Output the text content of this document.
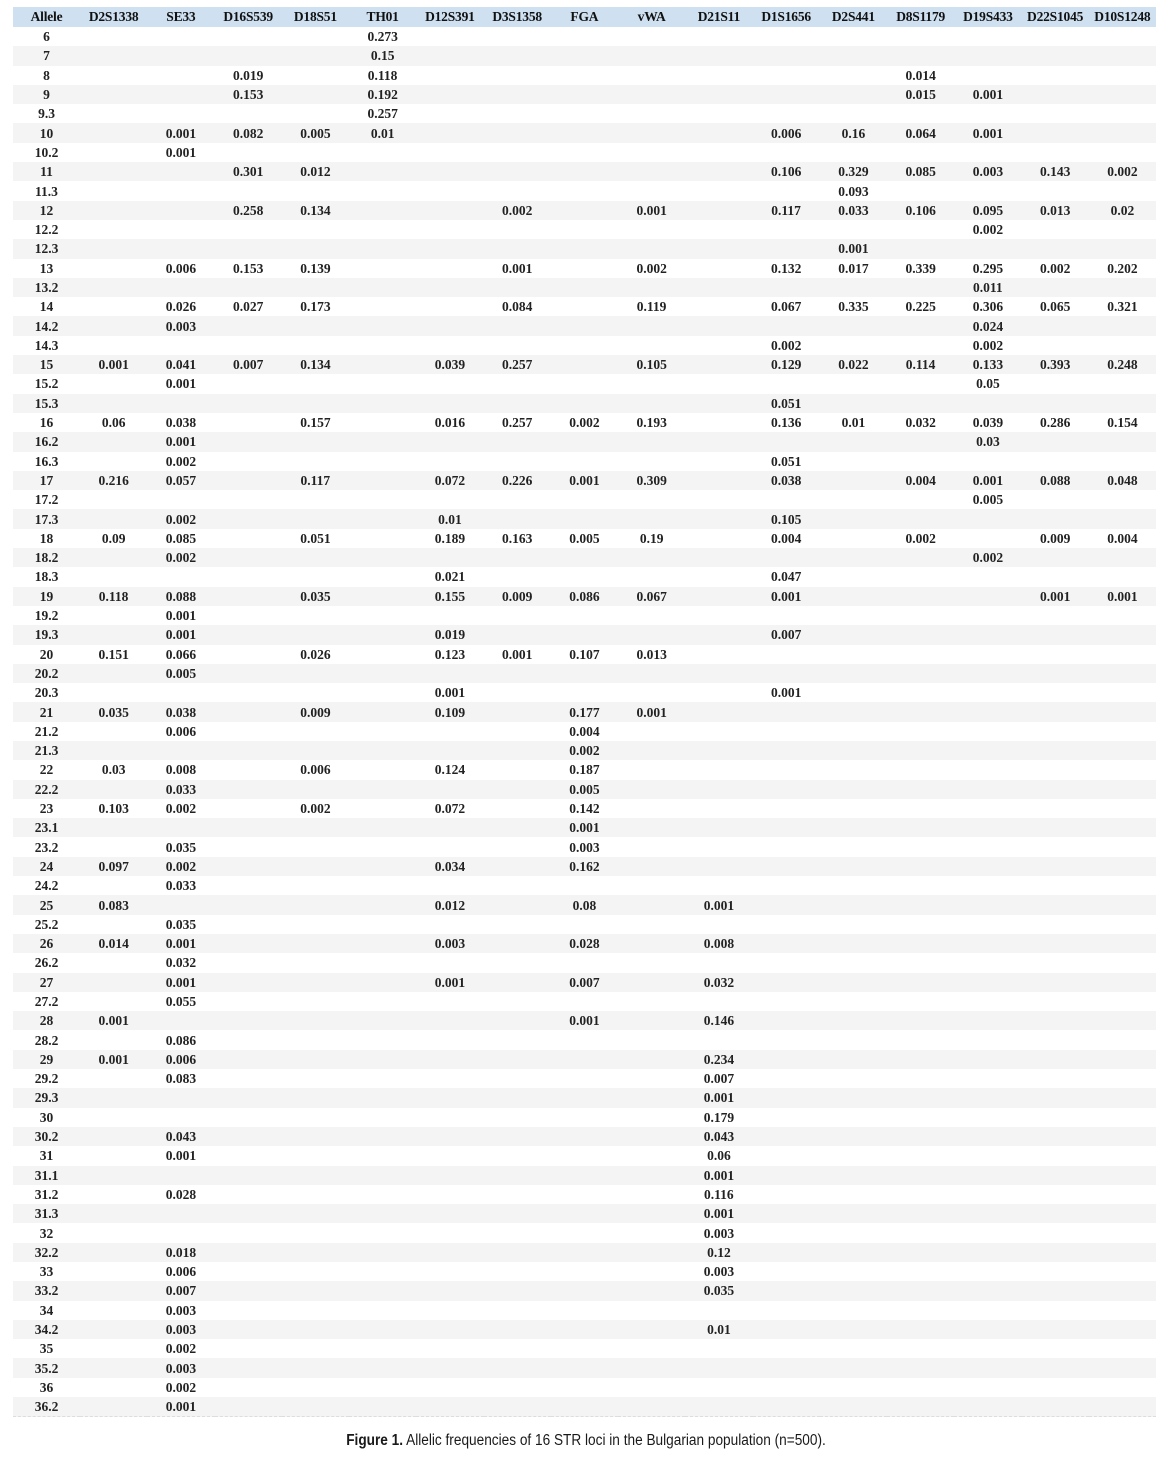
Allele	D2S1338	SE33	D16S539	D18S51	TH01	D12S391	D3S1358	FGA	vWA	D21S11	D1S1656	D2S441	D8S1179	D19S433	D22S1045	D10S1248
6					0.273											
7					0.15											
8			0.019		0.118								0.014			
9			0.153		0.192								0.015	0.001		
9.3					0.257											
10		0.001	0.082	0.005	0.01						0.006	0.16	0.064	0.001		
10.2		0.001														
11			0.301	0.012							0.106	0.329	0.085	0.003	0.143	0.002
11.3												0.093				
12			0.258	0.134			0.002		0.001		0.117	0.033	0.106	0.095	0.013	0.02
12.2														0.002		
12.3												0.001				
13		0.006	0.153	0.139			0.001		0.002		0.132	0.017	0.339	0.295	0.002	0.202
13.2														0.011		
14		0.026	0.027	0.173			0.084		0.119		0.067	0.335	0.225	0.306	0.065	0.321
14.2		0.003												0.024		
14.3											0.002			0.002		
15	0.001	0.041	0.007	0.134		0.039	0.257		0.105		0.129	0.022	0.114	0.133	0.393	0.248
15.2		0.001												0.05		
15.3											0.051					
16	0.06	0.038		0.157		0.016	0.257	0.002	0.193		0.136	0.01	0.032	0.039	0.286	0.154
16.2		0.001												0.03		
16.3		0.002									0.051					
17	0.216	0.057		0.117		0.072	0.226	0.001	0.309		0.038		0.004	0.001	0.088	0.048
17.2														0.005		
17.3		0.002				0.01					0.105					
18	0.09	0.085		0.051		0.189	0.163	0.005	0.19		0.004		0.002		0.009	0.004
18.2		0.002												0.002		
18.3						0.021					0.047					
19	0.118	0.088		0.035		0.155	0.009	0.086	0.067		0.001				0.001	0.001
19.2		0.001														
19.3		0.001				0.019					0.007					
20	0.151	0.066		0.026		0.123	0.001	0.107	0.013							
20.2		0.005														
20.3						0.001					0.001					
21	0.035	0.038		0.009		0.109		0.177	0.001							
21.2		0.006						0.004								
21.3								0.002								
22	0.03	0.008		0.006		0.124		0.187								
22.2		0.033						0.005								
23	0.103	0.002		0.002		0.072		0.142								
23.1								0.001								
23.2		0.035						0.003								
24	0.097	0.002				0.034		0.162								
24.2		0.033														
25	0.083					0.012		0.08		0.001						
25.2		0.035														
26	0.014	0.001				0.003		0.028		0.008						
26.2		0.032														
27		0.001				0.001		0.007		0.032						
27.2		0.055														
28	0.001							0.001		0.146						
28.2		0.086														
29	0.001	0.006								0.234						
29.2		0.083								0.007						
29.3										0.001						
30										0.179						
30.2		0.043								0.043						
31		0.001								0.06						
31.1										0.001						
31.2		0.028								0.116						
31.3										0.001						
32										0.003						
32.2		0.018								0.12						
33		0.006								0.003						
33.2		0.007								0.035						
34		0.003														
34.2		0.003								0.01						
35		0.002														
35.2		0.003														
36		0.002														
36.2		0.001														
Figure 1. Allelic frequencies of 16 STR loci in the Bulgarian population (n=500).
